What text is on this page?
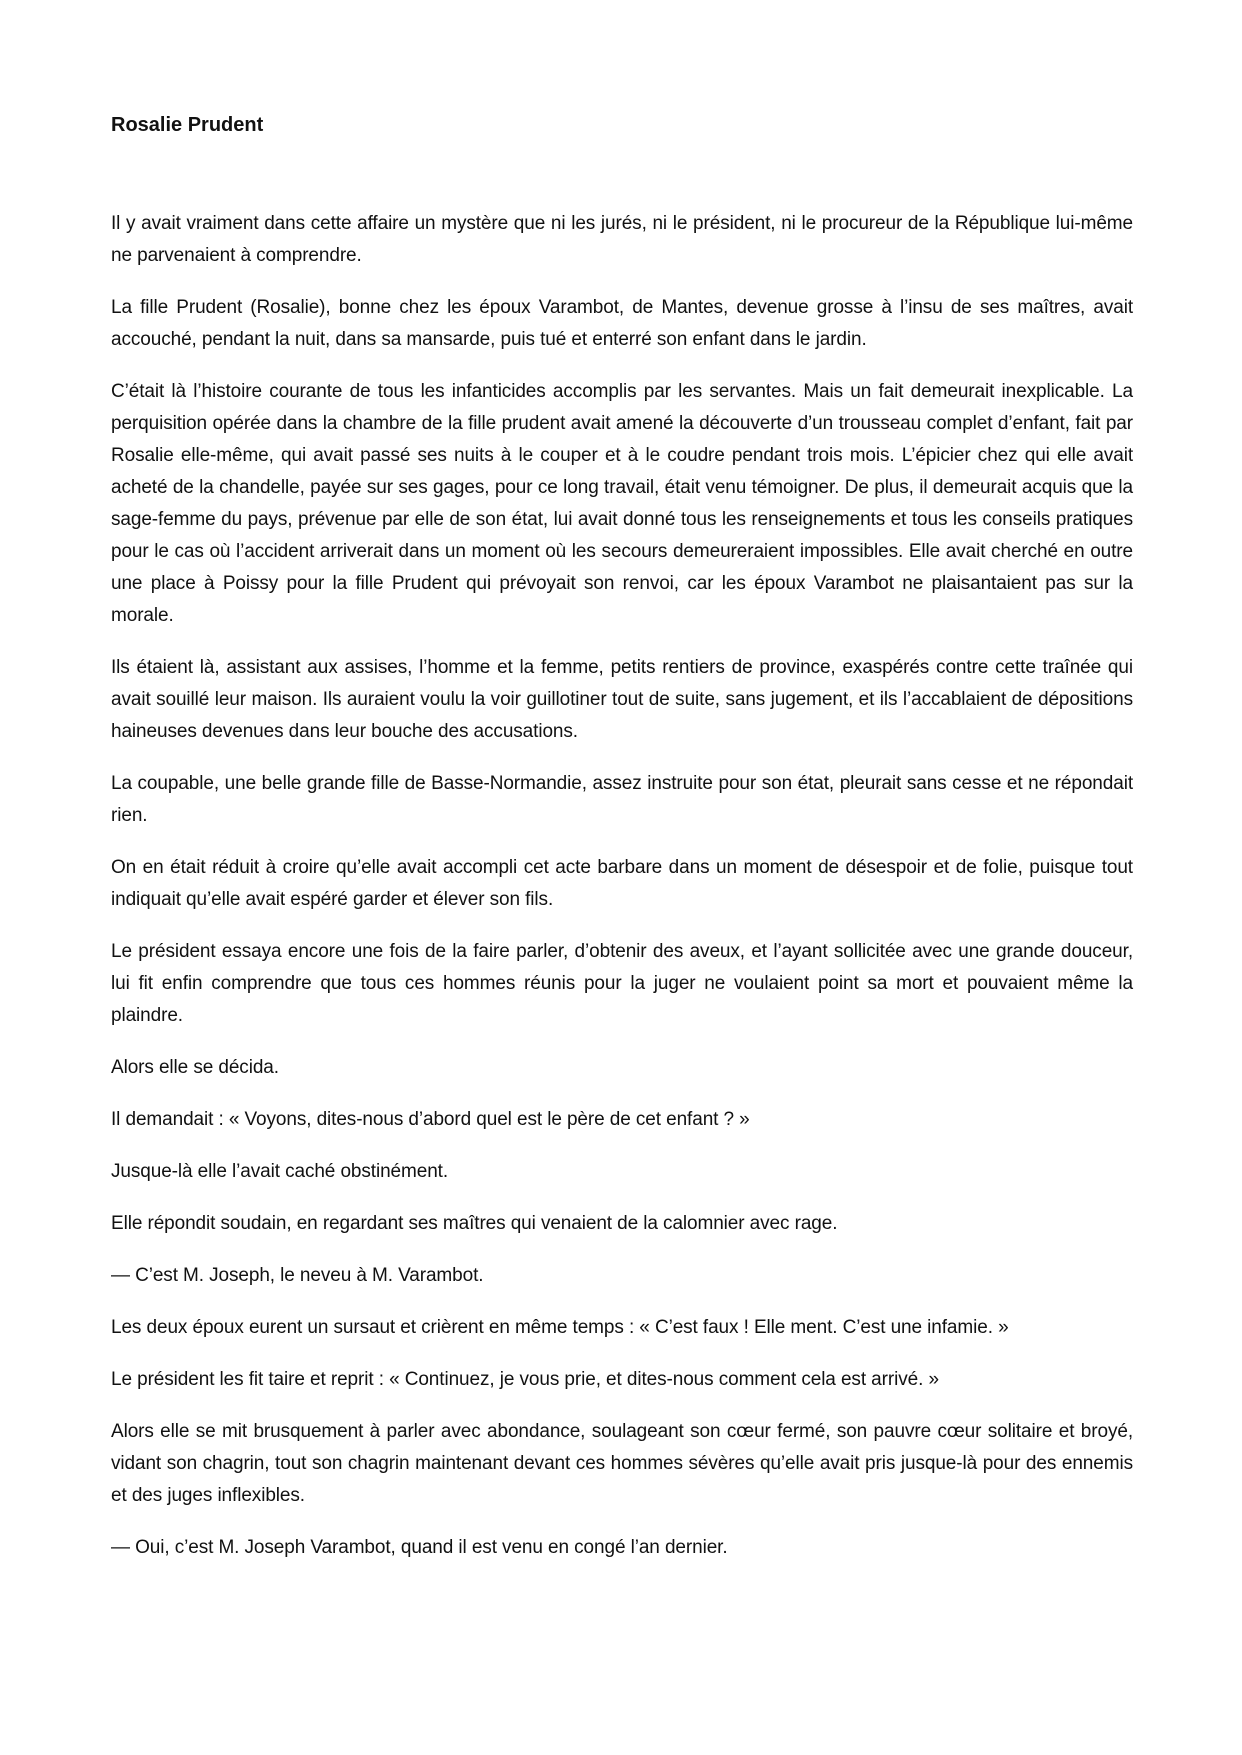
Rosalie Prudent

Il y avait vraiment dans cette affaire un mystère que ni les jurés, ni le président, ni le procureur de la République lui-même ne parvenaient à comprendre.

La fille Prudent (Rosalie), bonne chez les époux Varambot, de Mantes, devenue grosse à l’insu de ses maîtres, avait accouché, pendant la nuit, dans sa mansarde, puis tué et enterré son enfant dans le jardin.

C’était là l’histoire courante de tous les infanticides accomplis par les servantes. Mais un fait demeurait inexplicable. La perquisition opérée dans la chambre de la fille prudent avait amené la découverte d’un trousseau complet d’enfant, fait par Rosalie elle-même, qui avait passé ses nuits à le couper et à le coudre pendant trois mois. L’épicier chez qui elle avait acheté de la chandelle, payée sur ses gages, pour ce long travail, était venu témoigner. De plus, il demeurait acquis que la sage-femme du pays, prévenue par elle de son état, lui avait donné tous les renseignements et tous les conseils pratiques pour le cas où l’accident arriverait dans un moment où les secours demeureraient impossibles. Elle avait cherché en outre une place à Poissy pour la fille Prudent qui prévoyait son renvoi, car les époux Varambot ne plaisantaient pas sur la morale.

Ils étaient là, assistant aux assises, l’homme et la femme, petits rentiers de province, exaspérés contre cette traînée qui avait souillé leur maison. Ils auraient voulu la voir guillotiner tout de suite, sans jugement, et ils l’accablaient de dépositions haineuses devenues dans leur bouche des accusations.

La coupable, une belle grande fille de Basse-Normandie, assez instruite pour son état, pleurait sans cesse et ne répondait rien.

On en était réduit à croire qu’elle avait accompli cet acte barbare dans un moment de désespoir et de folie, puisque tout indiquait qu’elle avait espéré garder et élever son fils.

Le président essaya encore une fois de la faire parler, d’obtenir des aveux, et l’ayant sollicitée avec une grande douceur, lui fit enfin comprendre que tous ces hommes réunis pour la juger ne voulaient point sa mort et pouvaient même la plaindre.

Alors elle se décida.

Il demandait : « Voyons, dites-nous d’abord quel est le père de cet enfant ? »

Jusque-là elle l’avait caché obstinément.

Elle répondit soudain, en regardant ses maîtres qui venaient de la calomnier avec rage.

— C’est M. Joseph, le neveu à M. Varambot.

Les deux époux eurent un sursaut et crièrent en même temps : « C’est faux ! Elle ment. C’est une infamie. »

Le président les fit taire et reprit : « Continuez, je vous prie, et dites-nous comment cela est arrivé. »

Alors elle se mit brusquement à parler avec abondance, soulageant son cœur fermé, son pauvre cœur solitaire et broyé, vidant son chagrin, tout son chagrin maintenant devant ces hommes sévères qu’elle avait pris jusque-là pour des ennemis et des juges inflexibles.

— Oui, c’est M. Joseph Varambot, quand il est venu en congé l’an dernier.
